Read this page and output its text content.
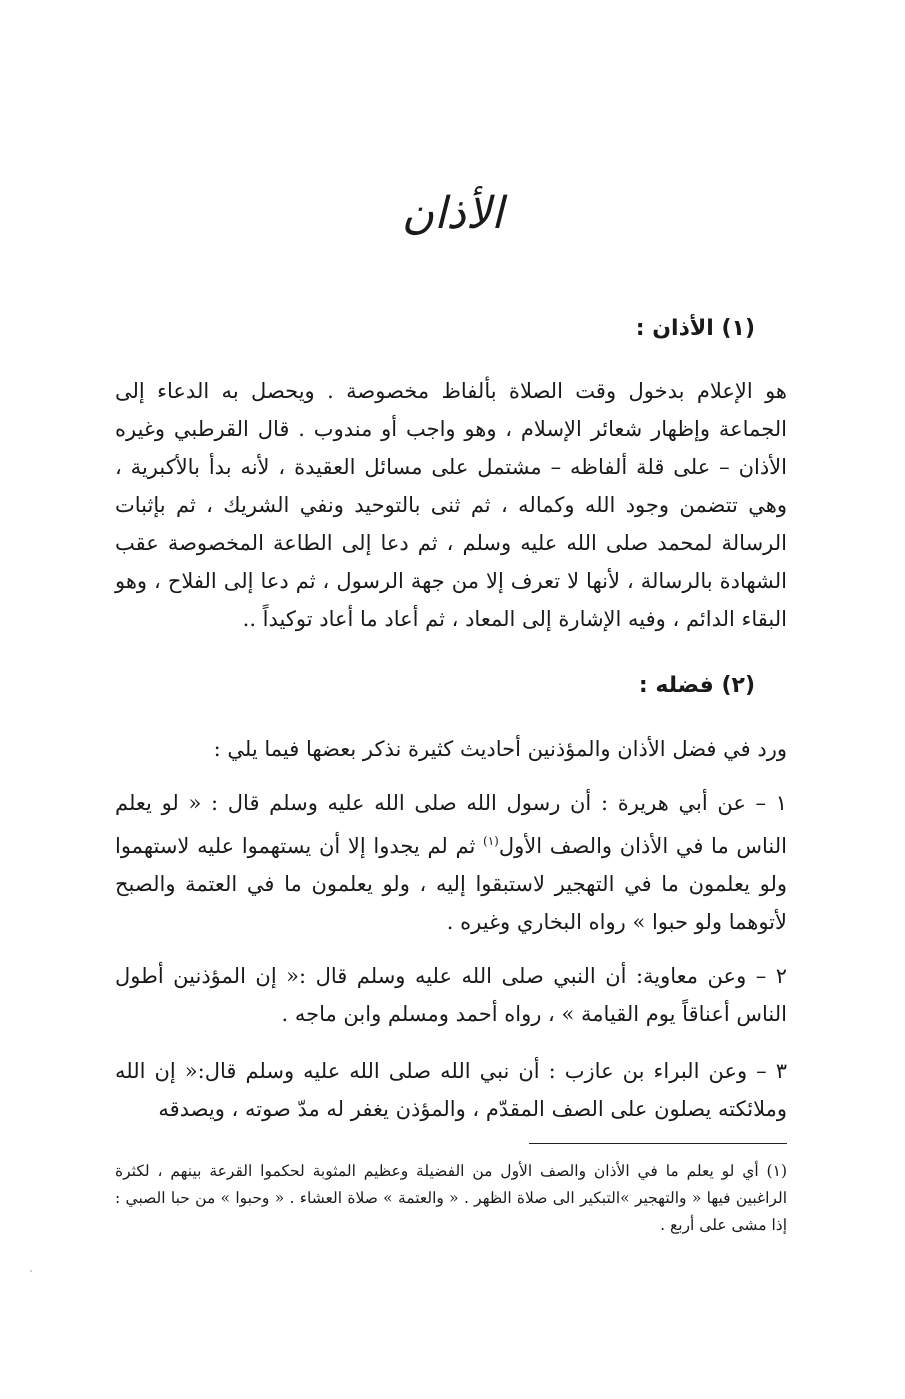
الأذان
(١) الأذان :

هو الإعلام بدخول وقت الصلاة بألفاظ مخصوصة . ويحصل به الدعاء إلى الجماعة وإظهار شعائر الإسلام ، وهو واجب أو مندوب . قال القرطبي وغيره الأذان – على قلة ألفاظه – مشتمل على مسائل العقيدة ، لأنه بدأ بالأكبرية ، وهي تتضمن وجود الله وكماله ، ثم ثنى بالتوحيد ونفي الشريك ، ثم بإثبات الرسالة لمحمد صلى الله عليه وسلم ، ثم دعا إلى الطاعة المخصوصة عقب الشهادة بالرسالة ، لأنها لا تعرف إلا من جهة الرسول ، ثم دعا إلى الفلاح ، وهو البقاء الدائم ، وفيه الإشارة إلى المعاد ، ثم أعاد ما أعاد توكيداً ..

(٢) فضله :

ورد في فضل الأذان والمؤذنين أحاديث كثيرة نذكر بعضها فيما يلي :

١ – عن أبي هريرة : أن رسول الله صلى الله عليه وسلم قال : « لو يعلم الناس ما في الأذان والصف الأول$^{(١)}$ ثم لم يجدوا إلا أن يستهموا عليه لاستهموا ولو يعلمون ما في التهجير لاستبقوا إليه ، ولو يعلمون ما في العتمة والصبح لأتوهما ولو حبوا » رواه البخاري وغيره .

٢ – وعن معاوية: أن النبي صلى الله عليه وسلم قال :« إن المؤذنين أطول الناس أعناقاً يوم القيامة » ، رواه أحمد ومسلم وابن ماجه .

٣ – وعن البراء بن عازب : أن نبي الله صلى الله عليه وسلم قال:« إن الله وملائكته يصلون على الصف المقدّم ، والمؤذن يغفر له مدّ صوته ، ويصدقه

(١) أي لو يعلم ما في الأذان والصف الأول من الفضيلة وعظيم المثوبة لحكموا القرعة بينهم ، لكثرة الراغبين فيها « والتهجير »التبكير الى صلاة الظهر . « والعتمة » صلاة العشاء . « وحبوا » من حبا الصبي : إذا مشى على أربع .
